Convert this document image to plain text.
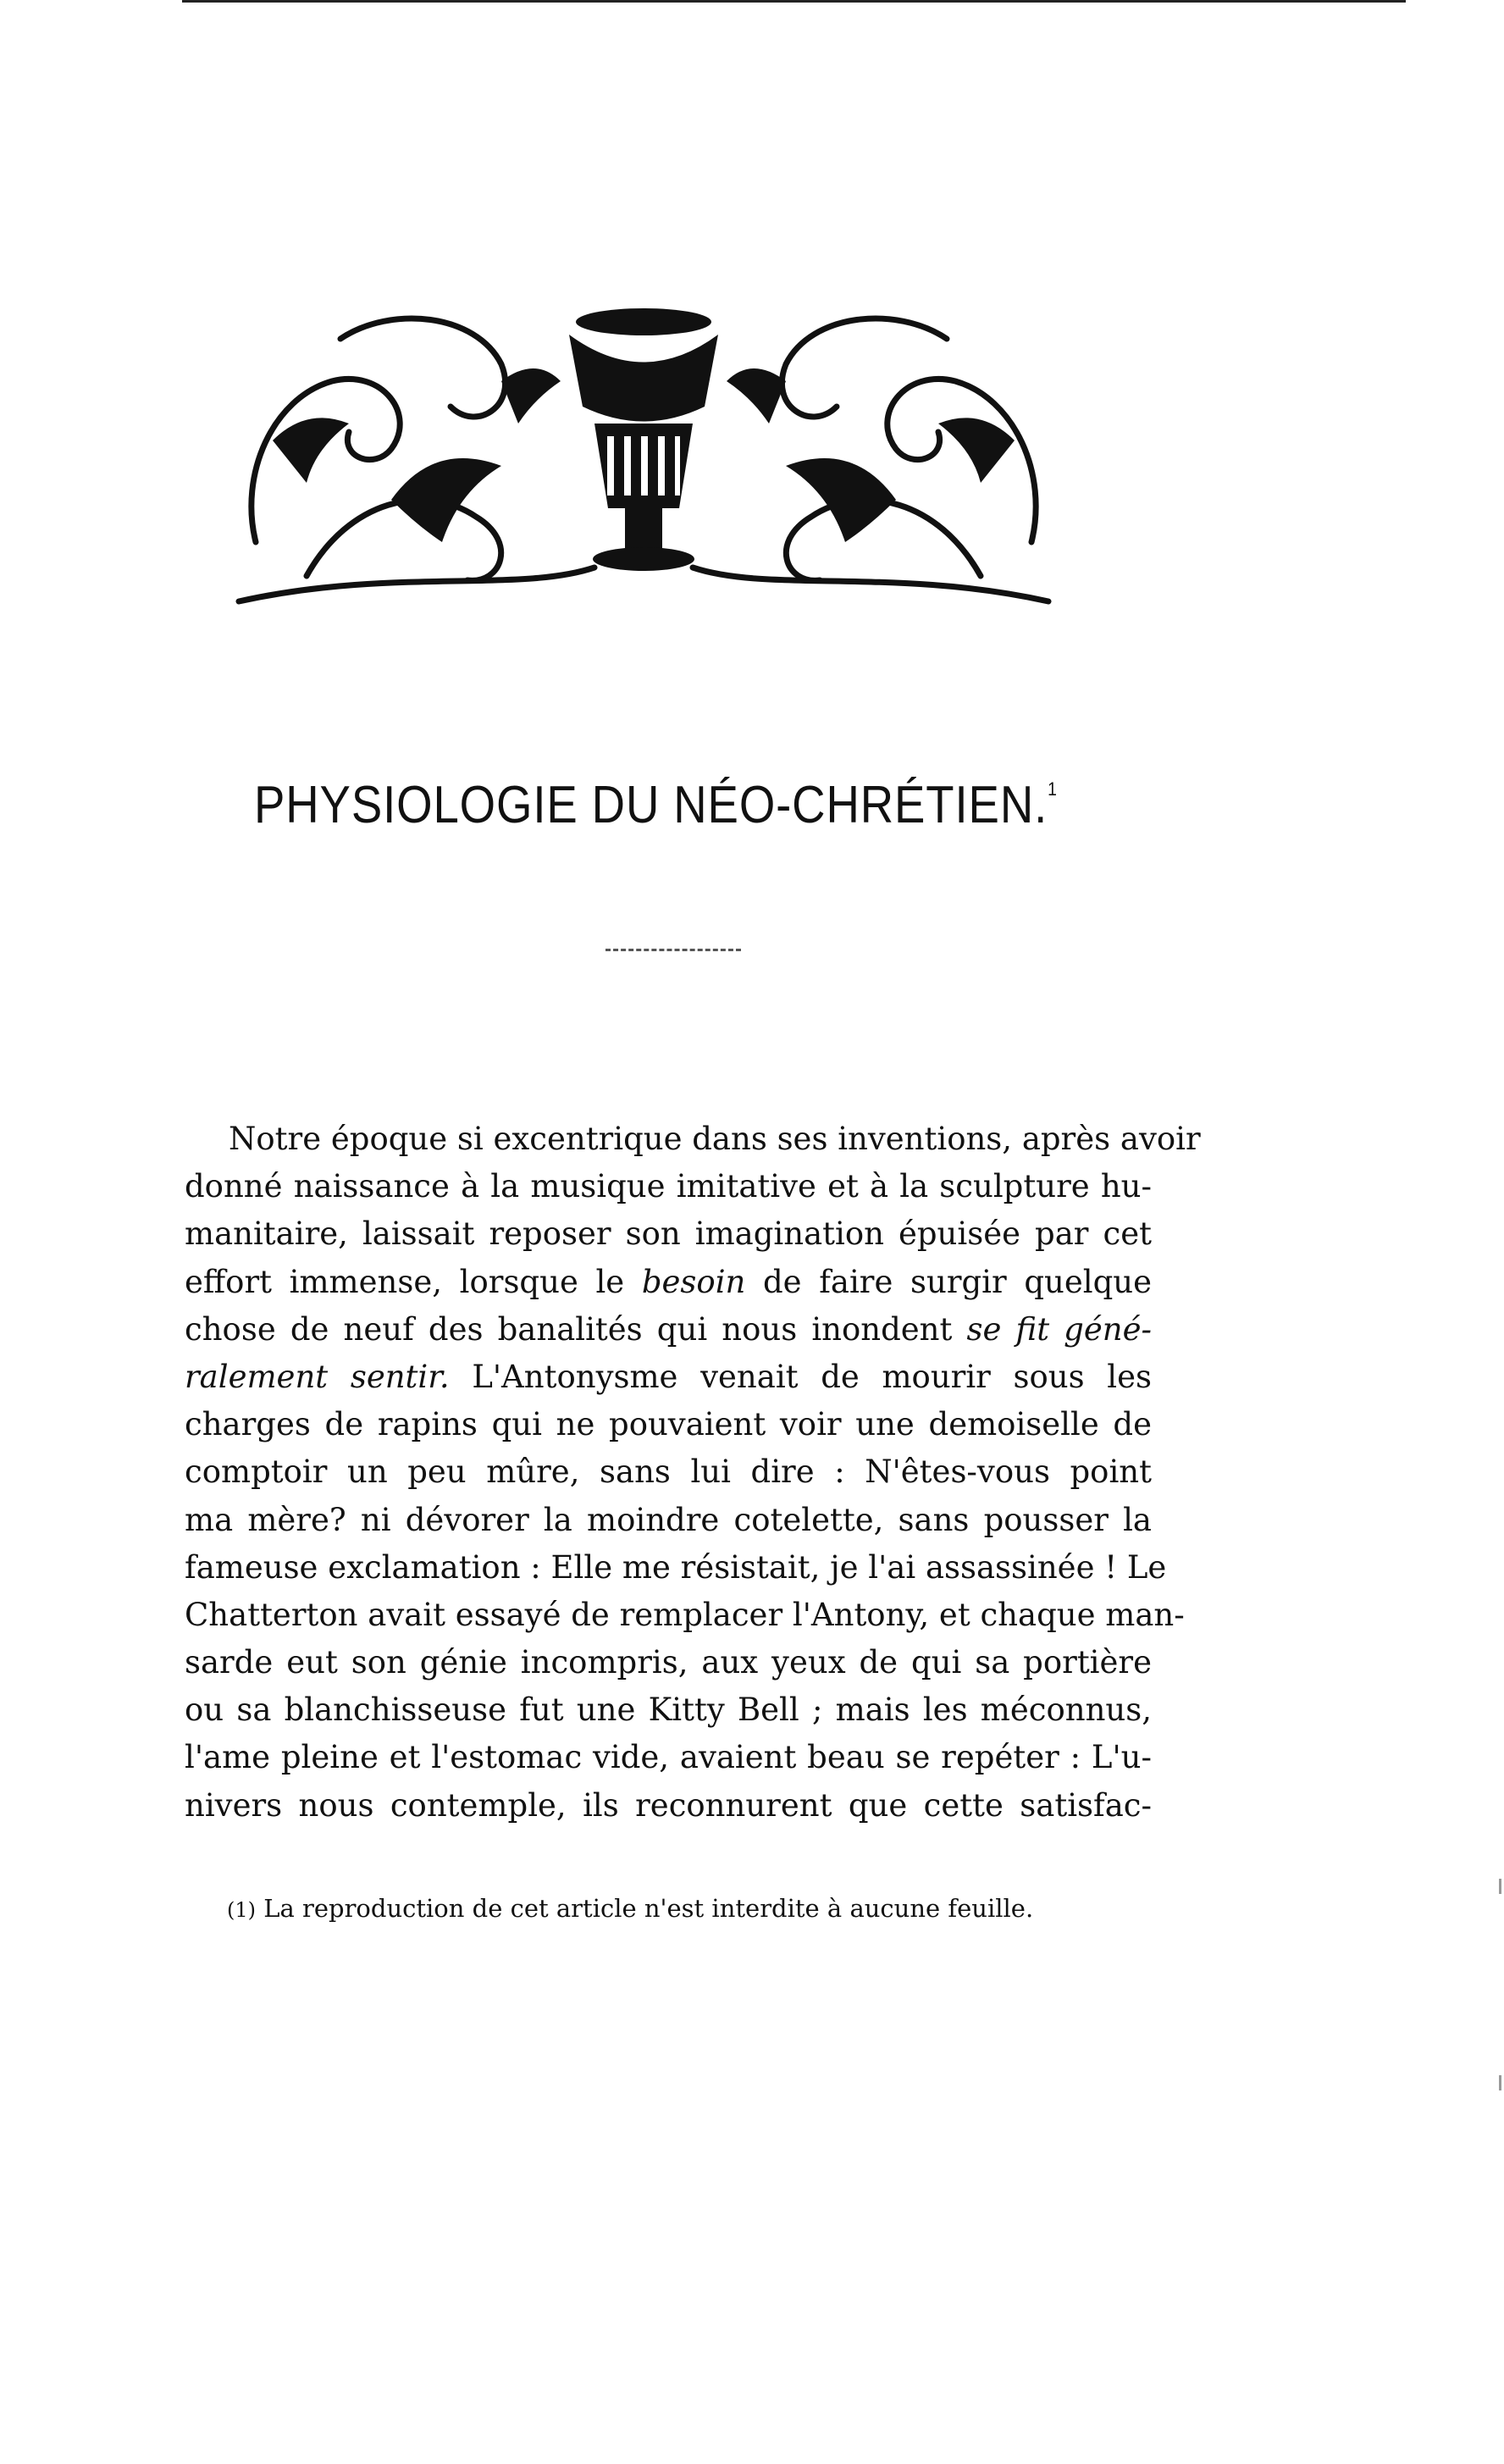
PHYSIOLOGIE DU NÉO-CHRÉTIEN.$^1$
Notre époque si excentrique dans ses inventions, après avoir
donné naissance à la musique imitative et à la sculpture hu-
manitaire, laissait reposer son imagination épuisée par cet
effort immense, lorsque le besoin de faire surgir quelque
chose de neuf des banalités qui nous inondent se fit géné-
ralement sentir. L'Antonysme venait de mourir sous les
charges de rapins qui ne pouvaient voir une demoiselle de
comptoir un peu mûre, sans lui dire : N'êtes-vous point
ma mère? ni dévorer la moindre cotelette, sans pousser la
fameuse exclamation : Elle me résistait, je l'ai assassinée ! Le
Chatterton avait essayé de remplacer l'Antony, et chaque man-
sarde eut son génie incompris, aux yeux de qui sa portière
ou sa blanchisseuse fut une Kitty Bell ; mais les méconnus,
l'ame pleine et l'estomac vide, avaient beau se repéter : L'u-
nivers nous contemple, ils reconnurent que cette satisfac-
(1) La reproduction de cet article n'est interdite à aucune feuille.
